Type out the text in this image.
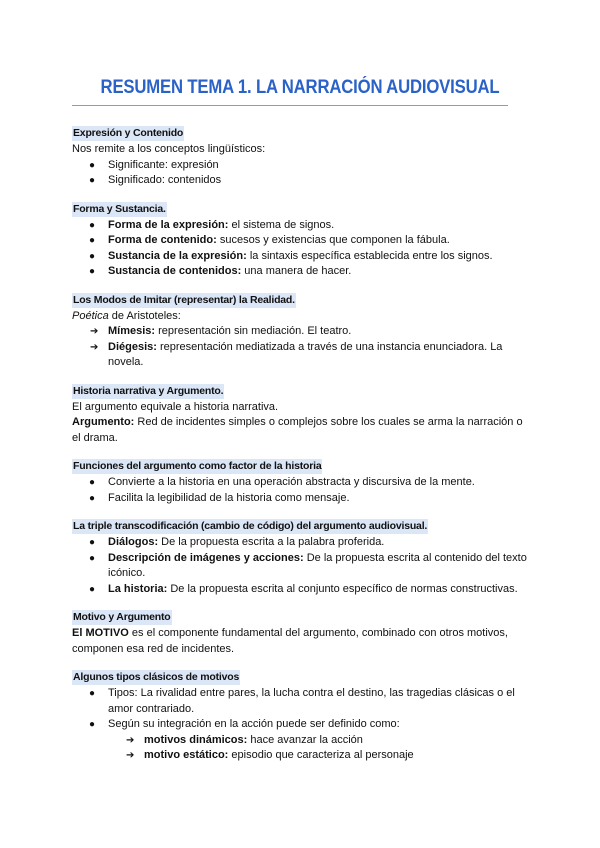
RESUMEN TEMA 1. LA NARRACIÓN AUDIOVISUAL
Expresión y Contenido
Nos remite a los conceptos lingüísticos:
● Significante: expresión
● Significado: contenidos
Forma y Sustancia.
● Forma de la expresión: el sistema de signos.
● Forma de contenido: sucesos y existencias que componen la fábula.
● Sustancia de la expresión: la sintaxis específica establecida entre los signos.
● Sustancia de contenidos: una manera de hacer.
Los Modos de Imitar (representar) la Realidad.
Poética de Aristoteles:
➔ Mímesis: representación sin mediación. El teatro.
➔ Diégesis: representación mediatizada a través de una instancia enunciadora. La novela.
Historia narrativa y Argumento.
El argumento equivale a historia narrativa.
Argumento: Red de incidentes simples o complejos sobre los cuales se arma la narración o el drama.
Funciones del argumento como factor de la historia
● Convierte a la historia en una operación abstracta y discursiva de la mente.
● Facilita la legibilidad de la historia como mensaje.
La triple transcodificación (cambio de código) del argumento audiovisual.
● Diálogos: De la propuesta escrita a la palabra proferida.
● Descripción de imágenes y acciones: De la propuesta escrita al contenido del texto icónico.
● La historia: De la propuesta escrita al conjunto específico de normas constructivas.
Motivo y Argumento
El MOTIVO es el componente fundamental del argumento, combinado con otros motivos, componen esa red de incidentes.
Algunos tipos clásicos de motivos
● Tipos: La rivalidad entre pares, la lucha contra el destino, las tragedias clásicas o el amor contrariado.
● Según su integración en la acción puede ser definido como:
➔ motivos dinámicos: hace avanzar la acción
➔ motivo estático: episodio que caracteriza al personaje
